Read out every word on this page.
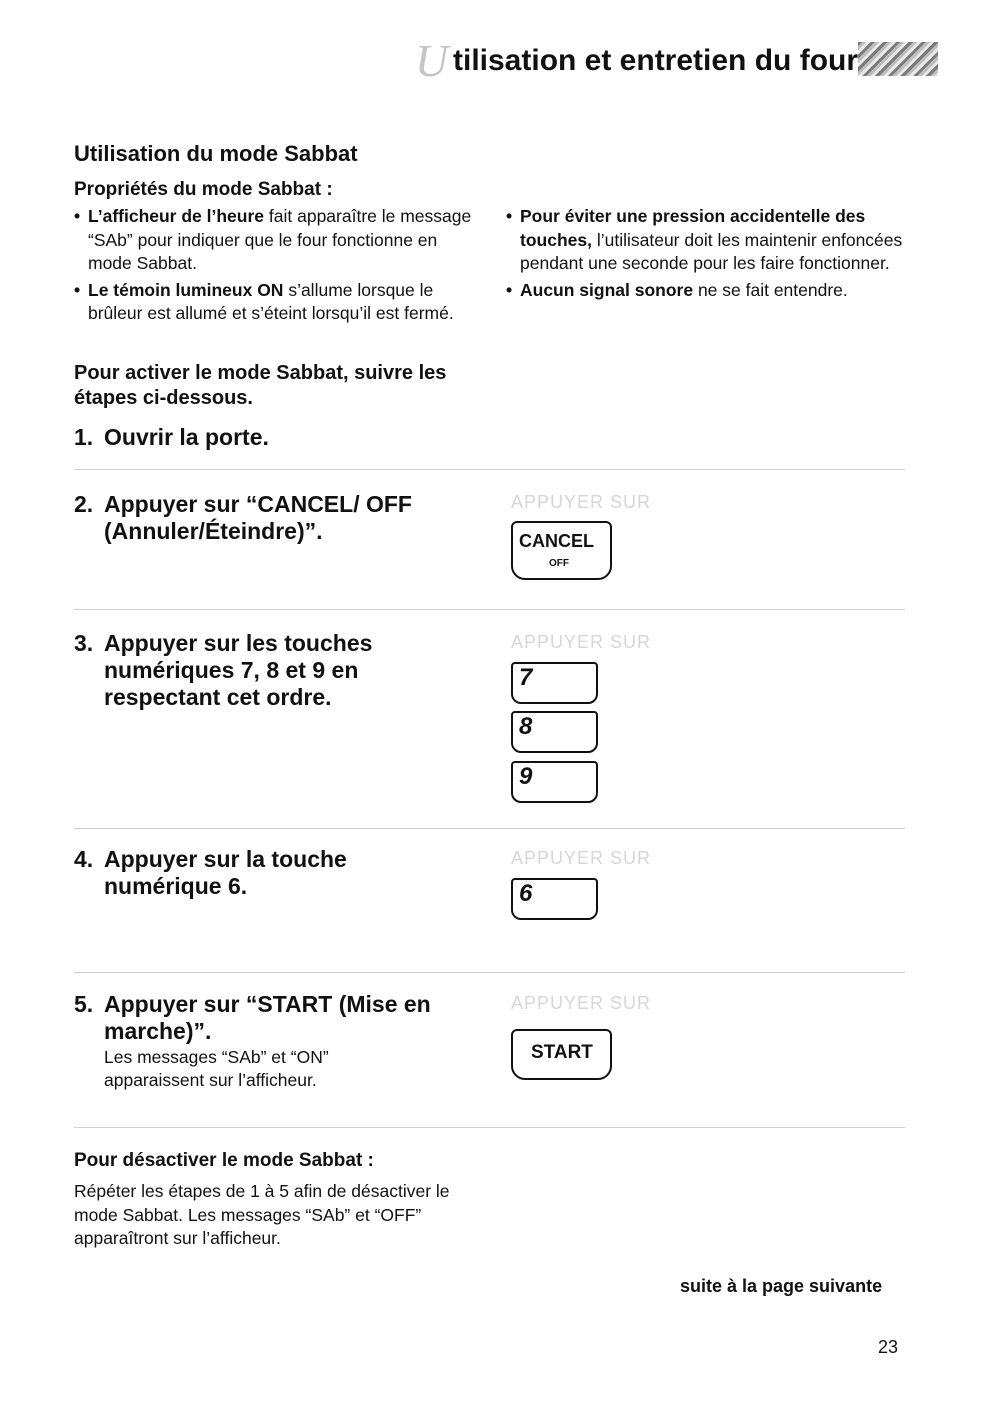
U tilisation et entretien du four
Utilisation du mode Sabbat
Propriétés du mode Sabbat :
• L’afficheur de l’heure fait apparaître le message “SAb” pour indiquer que le four fonctionne en mode Sabbat.
• Le témoin lumineux ON s’allume lorsque le brûleur est allumé et s’éteint lorsqu’il est fermé.
• Pour éviter une pression accidentelle des touches, l’utilisateur doit les maintenir enfoncées pendant une seconde pour les faire fonctionner.
• Aucun signal sonore ne se fait entendre.
Pour activer le mode Sabbat, suivre les étapes ci-dessous.
1. Ouvrir la porte.
2. Appuyer sur “CANCEL/ OFF (Annuler/Éteindre)”.
APPUYER SUR
CANCEL
OFF
3. Appuyer sur les touches numériques 7, 8 et 9 en respectant cet ordre.
APPUYER SUR
7
8
9
4. Appuyer sur la touche numérique 6.
APPUYER SUR
6
5. Appuyer sur “START (Mise en marche)”.
Les messages “SAb” et “ON” apparaissent sur l’afficheur.
APPUYER SUR
START
Pour désactiver le mode Sabbat :
Répéter les étapes de 1 à 5 afin de désactiver le mode Sabbat. Les messages “SAb” et “OFF” apparaîtront sur l’afficheur.
suite à la page suivante
23
